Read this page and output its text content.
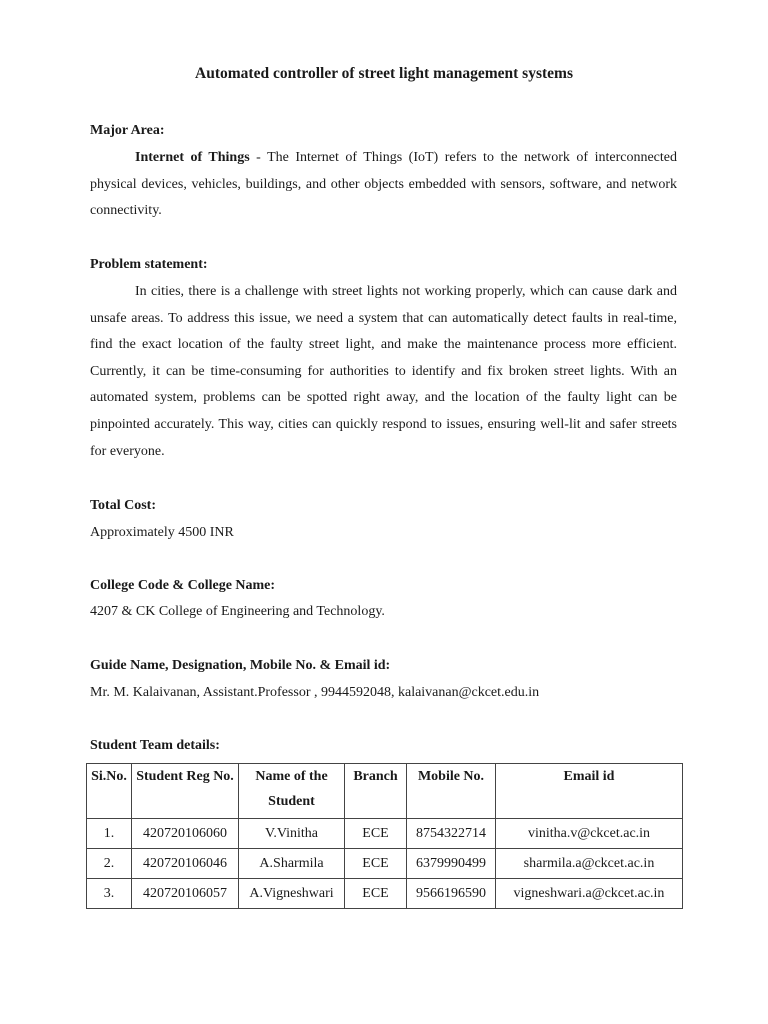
Automated controller of street light management systems
Major Area:

Internet of Things - The Internet of Things (IoT) refers to the network of interconnected physical devices, vehicles, buildings, and other objects embedded with sensors, software, and network connectivity.

Problem statement:

In cities, there is a challenge with street lights not working properly, which can cause dark and unsafe areas. To address this issue, we need a system that can automatically detect faults in real-time, find the exact location of the faulty street light, and make the maintenance process more efficient. Currently, it can be time-consuming for authorities to identify and fix broken street lights. With an automated system, problems can be spotted right away, and the location of the faulty light can be pinpointed accurately. This way, cities can quickly respond to issues, ensuring well-lit and safer streets for everyone.

Total Cost:
Approximately 4500 INR
College Code & College Name:
4207 & CK College of Engineering and Technology.
Guide Name, Designation, Mobile No. & Email id:
Mr. M. Kalaivanan, Assistant.Professor , 9944592048, kalaivanan@ckcet.edu.in
Student Team details:
Si.No.	Student Reg No.	Name of the Student	Branch	Mobile No.	Email id
1.	420720106060	V.Vinitha	ECE	8754322714	vinitha.v@ckcet.ac.in
2.	420720106046	A.Sharmila	ECE	6379990499	sharmila.a@ckcet.ac.in
3.	420720106057	A.Vigneshwari	ECE	9566196590	vigneshwari.a@ckcet.ac.in
